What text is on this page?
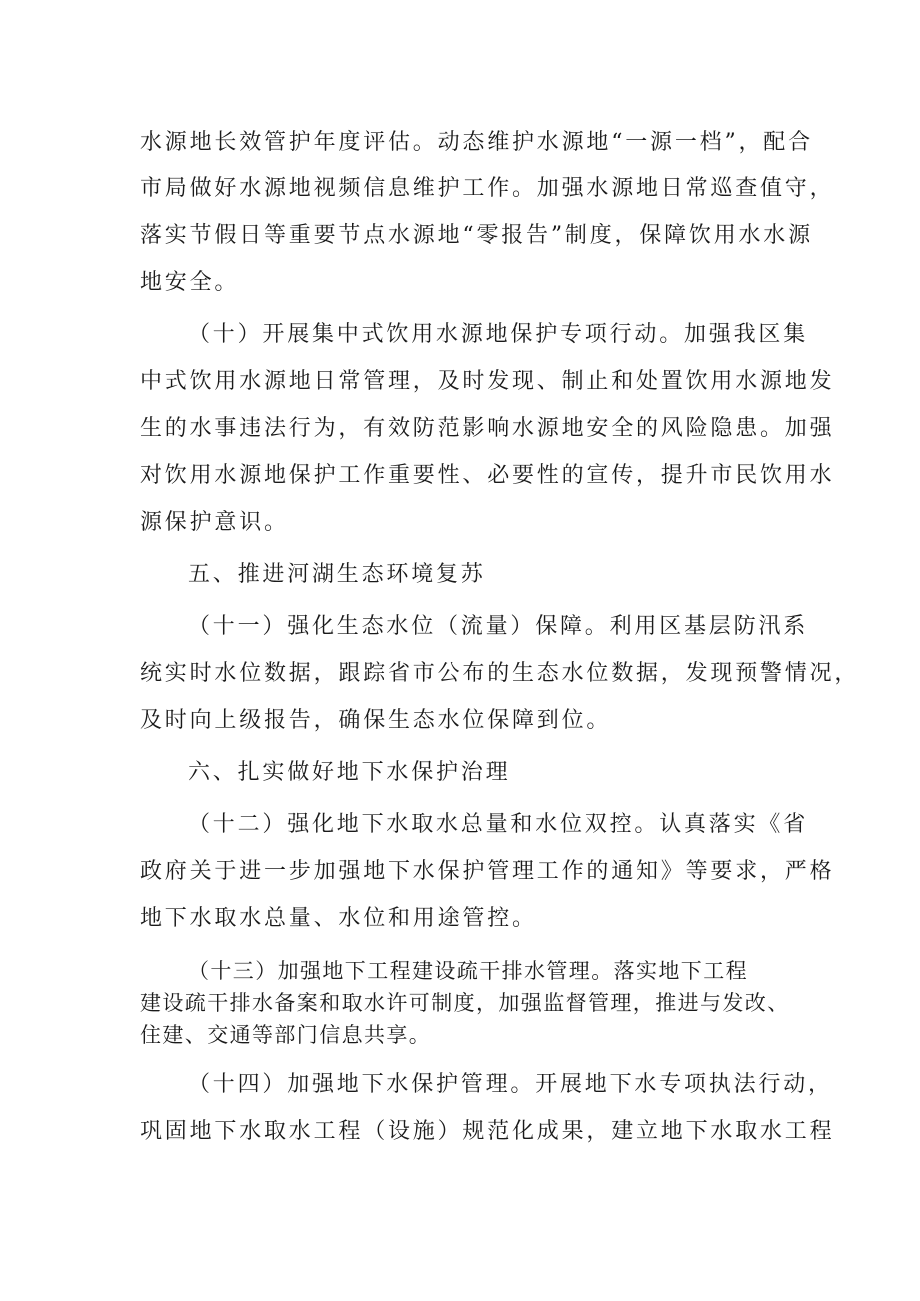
水源地长效管护年度评估。动态维护水源地“一源一档”，配合
市局做好水源地视频信息维护工作。加强水源地日常巡查值守，
落实节假日等重要节点水源地“零报告”制度，保障饮用水水源
地安全。
（十）开展集中式饮用水源地保护专项行动。加强我区集
中式饮用水源地日常管理，及时发现、制止和处置饮用水源地发
生的水事违法行为，有效防范影响水源地安全的风险隐患。加强
对饮用水源地保护工作重要性、必要性的宣传，提升市民饮用水
源保护意识。
五、推进河湖生态环境复苏
（十一）强化生态水位（流量）保障。利用区基层防汛系
统实时水位数据，跟踪省市公布的生态水位数据，发现预警情况，
及时向上级报告，确保生态水位保障到位。
六、扎实做好地下水保护治理
（十二）强化地下水取水总量和水位双控。认真落实《省
政府关于进一步加强地下水保护管理工作的通知》等要求，严格
地下水取水总量、水位和用途管控。
（十三）加强地下工程建设疏干排水管理。落实地下工程
建设疏干排水备案和取水许可制度，加强监督管理，推进与发改、
住建、交通等部门信息共享。
（十四）加强地下水保护管理。开展地下水专项执法行动，
巩固地下水取水工程（设施）规范化成果，建立地下水取水工程
